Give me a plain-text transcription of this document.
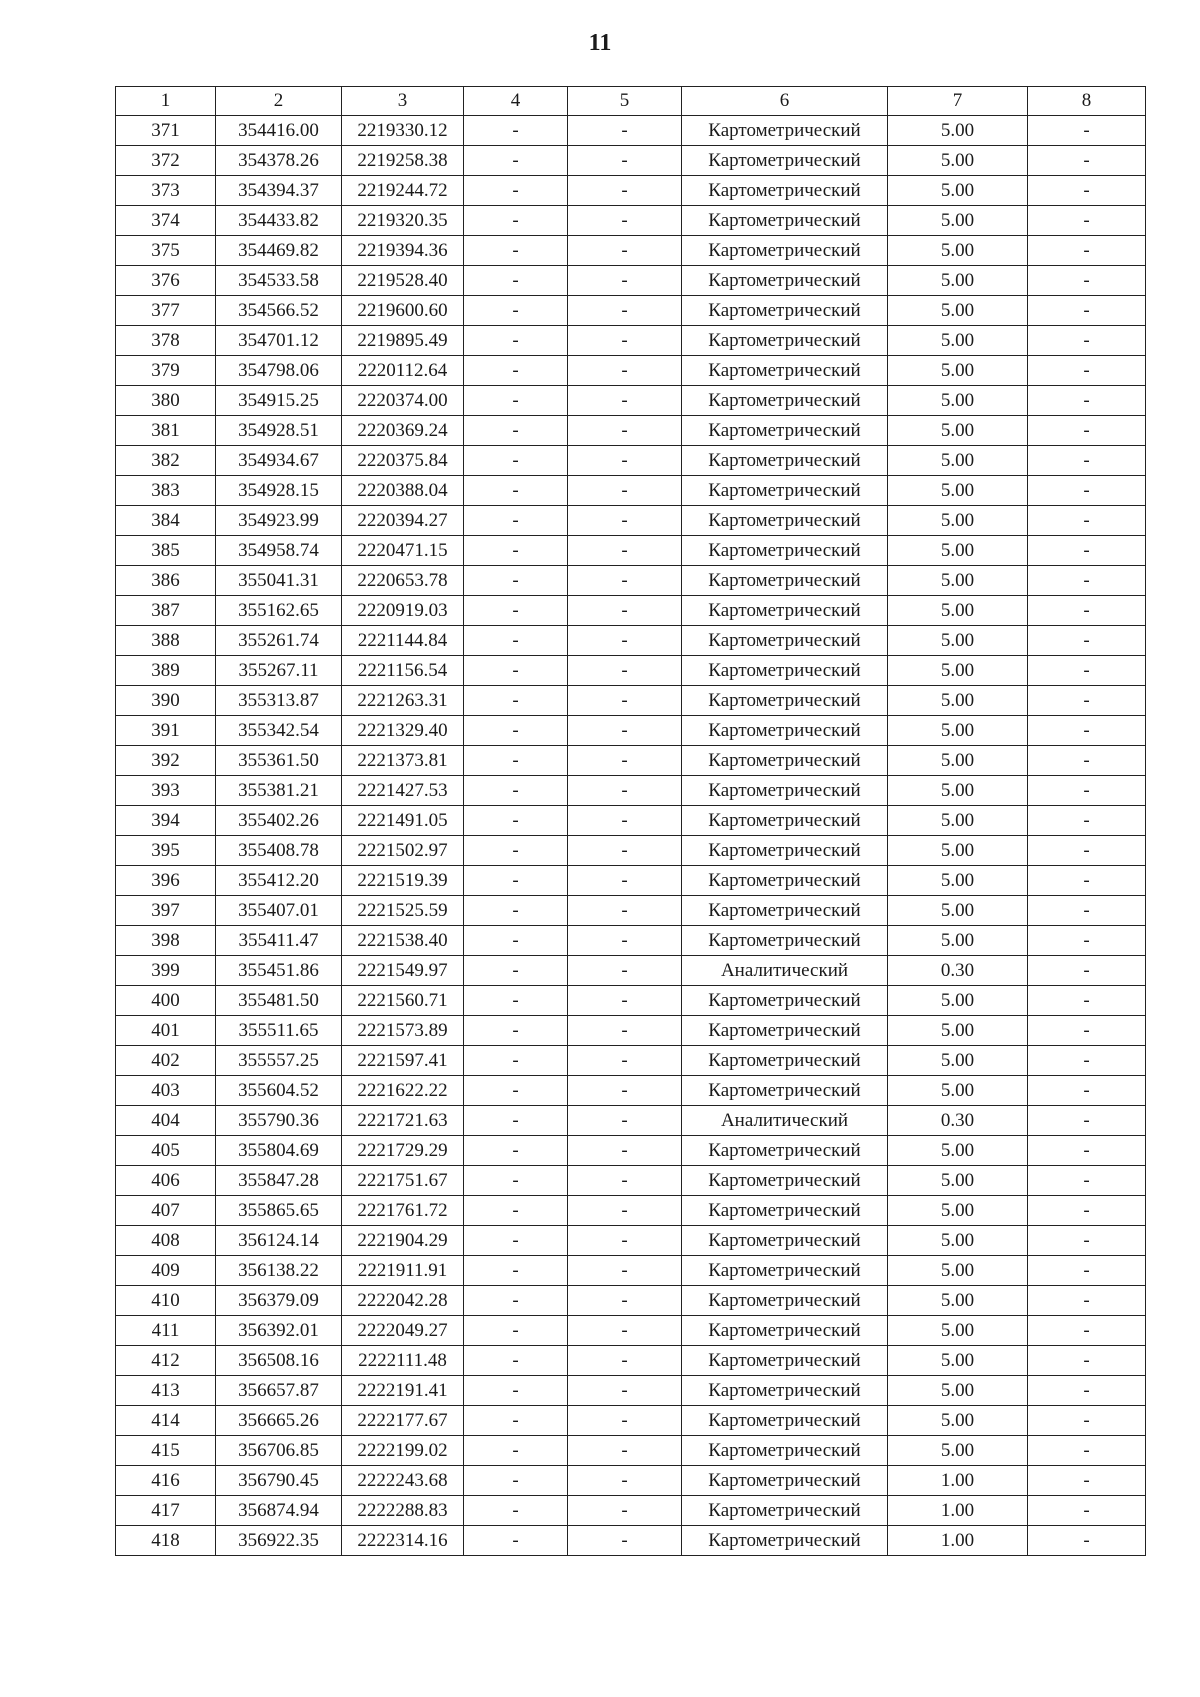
11
1	2	3	4	5	6	7	8
371	354416.00	2219330.12	-	-	Картометрический	5.00	-
372	354378.26	2219258.38	-	-	Картометрический	5.00	-
373	354394.37	2219244.72	-	-	Картометрический	5.00	-
374	354433.82	2219320.35	-	-	Картометрический	5.00	-
375	354469.82	2219394.36	-	-	Картометрический	5.00	-
376	354533.58	2219528.40	-	-	Картометрический	5.00	-
377	354566.52	2219600.60	-	-	Картометрический	5.00	-
378	354701.12	2219895.49	-	-	Картометрический	5.00	-
379	354798.06	2220112.64	-	-	Картометрический	5.00	-
380	354915.25	2220374.00	-	-	Картометрический	5.00	-
381	354928.51	2220369.24	-	-	Картометрический	5.00	-
382	354934.67	2220375.84	-	-	Картометрический	5.00	-
383	354928.15	2220388.04	-	-	Картометрический	5.00	-
384	354923.99	2220394.27	-	-	Картометрический	5.00	-
385	354958.74	2220471.15	-	-	Картометрический	5.00	-
386	355041.31	2220653.78	-	-	Картометрический	5.00	-
387	355162.65	2220919.03	-	-	Картометрический	5.00	-
388	355261.74	2221144.84	-	-	Картометрический	5.00	-
389	355267.11	2221156.54	-	-	Картометрический	5.00	-
390	355313.87	2221263.31	-	-	Картометрический	5.00	-
391	355342.54	2221329.40	-	-	Картометрический	5.00	-
392	355361.50	2221373.81	-	-	Картометрический	5.00	-
393	355381.21	2221427.53	-	-	Картометрический	5.00	-
394	355402.26	2221491.05	-	-	Картометрический	5.00	-
395	355408.78	2221502.97	-	-	Картометрический	5.00	-
396	355412.20	2221519.39	-	-	Картометрический	5.00	-
397	355407.01	2221525.59	-	-	Картометрический	5.00	-
398	355411.47	2221538.40	-	-	Картометрический	5.00	-
399	355451.86	2221549.97	-	-	Аналитический	0.30	-
400	355481.50	2221560.71	-	-	Картометрический	5.00	-
401	355511.65	2221573.89	-	-	Картометрический	5.00	-
402	355557.25	2221597.41	-	-	Картометрический	5.00	-
403	355604.52	2221622.22	-	-	Картометрический	5.00	-
404	355790.36	2221721.63	-	-	Аналитический	0.30	-
405	355804.69	2221729.29	-	-	Картометрический	5.00	-
406	355847.28	2221751.67	-	-	Картометрический	5.00	-
407	355865.65	2221761.72	-	-	Картометрический	5.00	-
408	356124.14	2221904.29	-	-	Картометрический	5.00	-
409	356138.22	2221911.91	-	-	Картометрический	5.00	-
410	356379.09	2222042.28	-	-	Картометрический	5.00	-
411	356392.01	2222049.27	-	-	Картометрический	5.00	-
412	356508.16	2222111.48	-	-	Картометрический	5.00	-
413	356657.87	2222191.41	-	-	Картометрический	5.00	-
414	356665.26	2222177.67	-	-	Картометрический	5.00	-
415	356706.85	2222199.02	-	-	Картометрический	5.00	-
416	356790.45	2222243.68	-	-	Картометрический	1.00	-
417	356874.94	2222288.83	-	-	Картометрический	1.00	-
418	356922.35	2222314.16	-	-	Картометрический	1.00	-
